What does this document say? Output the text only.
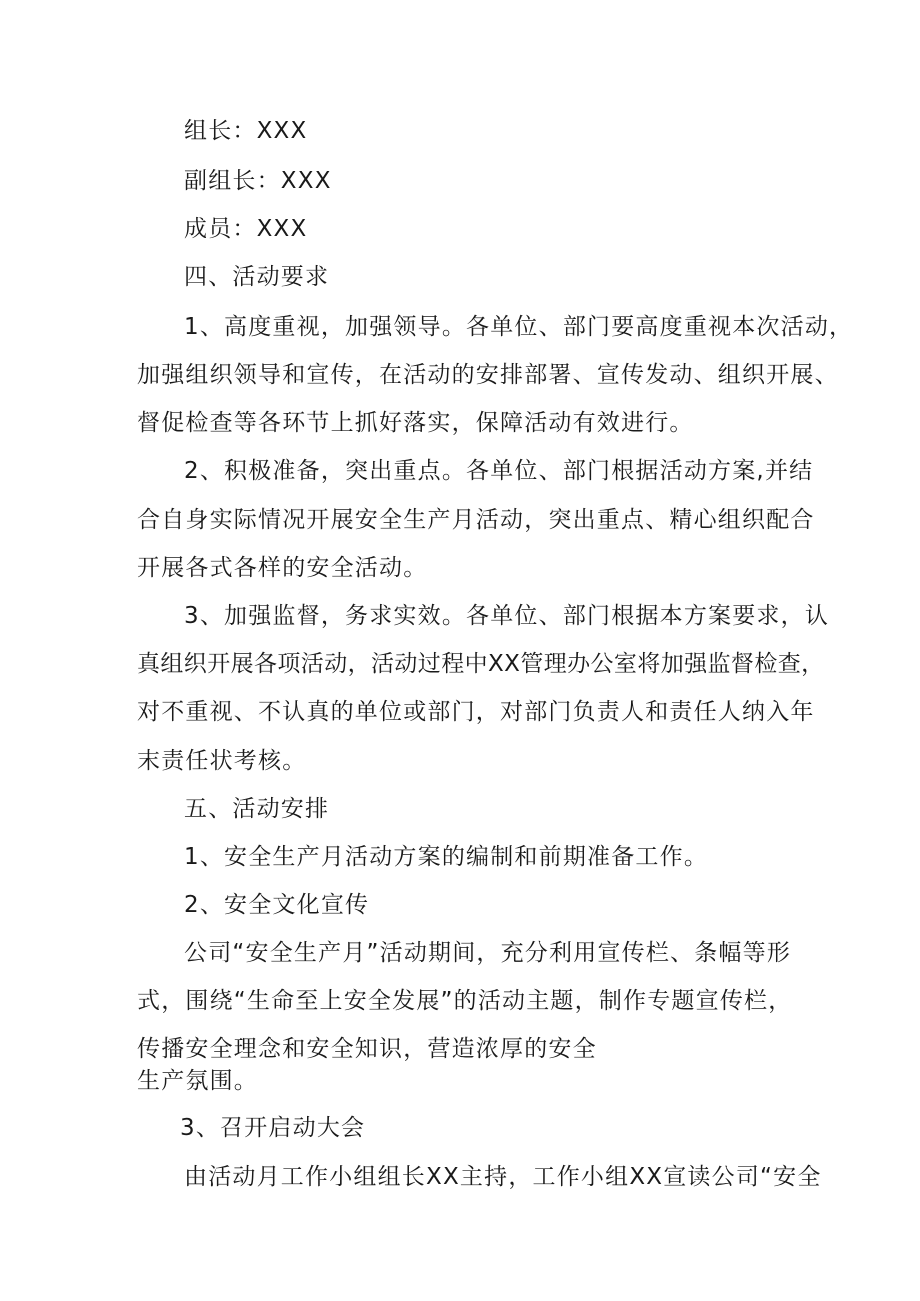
组长：XXX
副组长：XXX
成员：XXX
四、活动要求
1、高度重视，加强领导。各单位、部门要高度重视本次活动，
加强组织领导和宣传，在活动的安排部署、宣传发动、组织开展、
督促检查等各环节上抓好落实，保障活动有效进行。
2、积极准备，突出重点。各单位、部门根据活动方案,并结
合自身实际情况开展安全生产月活动，突出重点、精心组织配合
开展各式各样的安全活动。
3、加强监督，务求实效。各单位、部门根据本方案要求，认
真组织开展各项活动，活动过程中XX管理办公室将加强监督检查，
对不重视、不认真的单位或部门，对部门负责人和责任人纳入年
末责任状考核。
五、活动安排
1、安全生产月活动方案的编制和前期准备工作。
2、安全文化宣传
公司“安全生产月”活动期间，充分利用宣传栏、条幅等形
式，围绕“生命至上安全发展”的活动主题，制作专题宣传栏，
传播安全理念和安全知识，营造浓厚的安全
生产氛围。
3、召开启动大会
由活动月工作小组组长XX主持，工作小组XX宣读公司“安全
